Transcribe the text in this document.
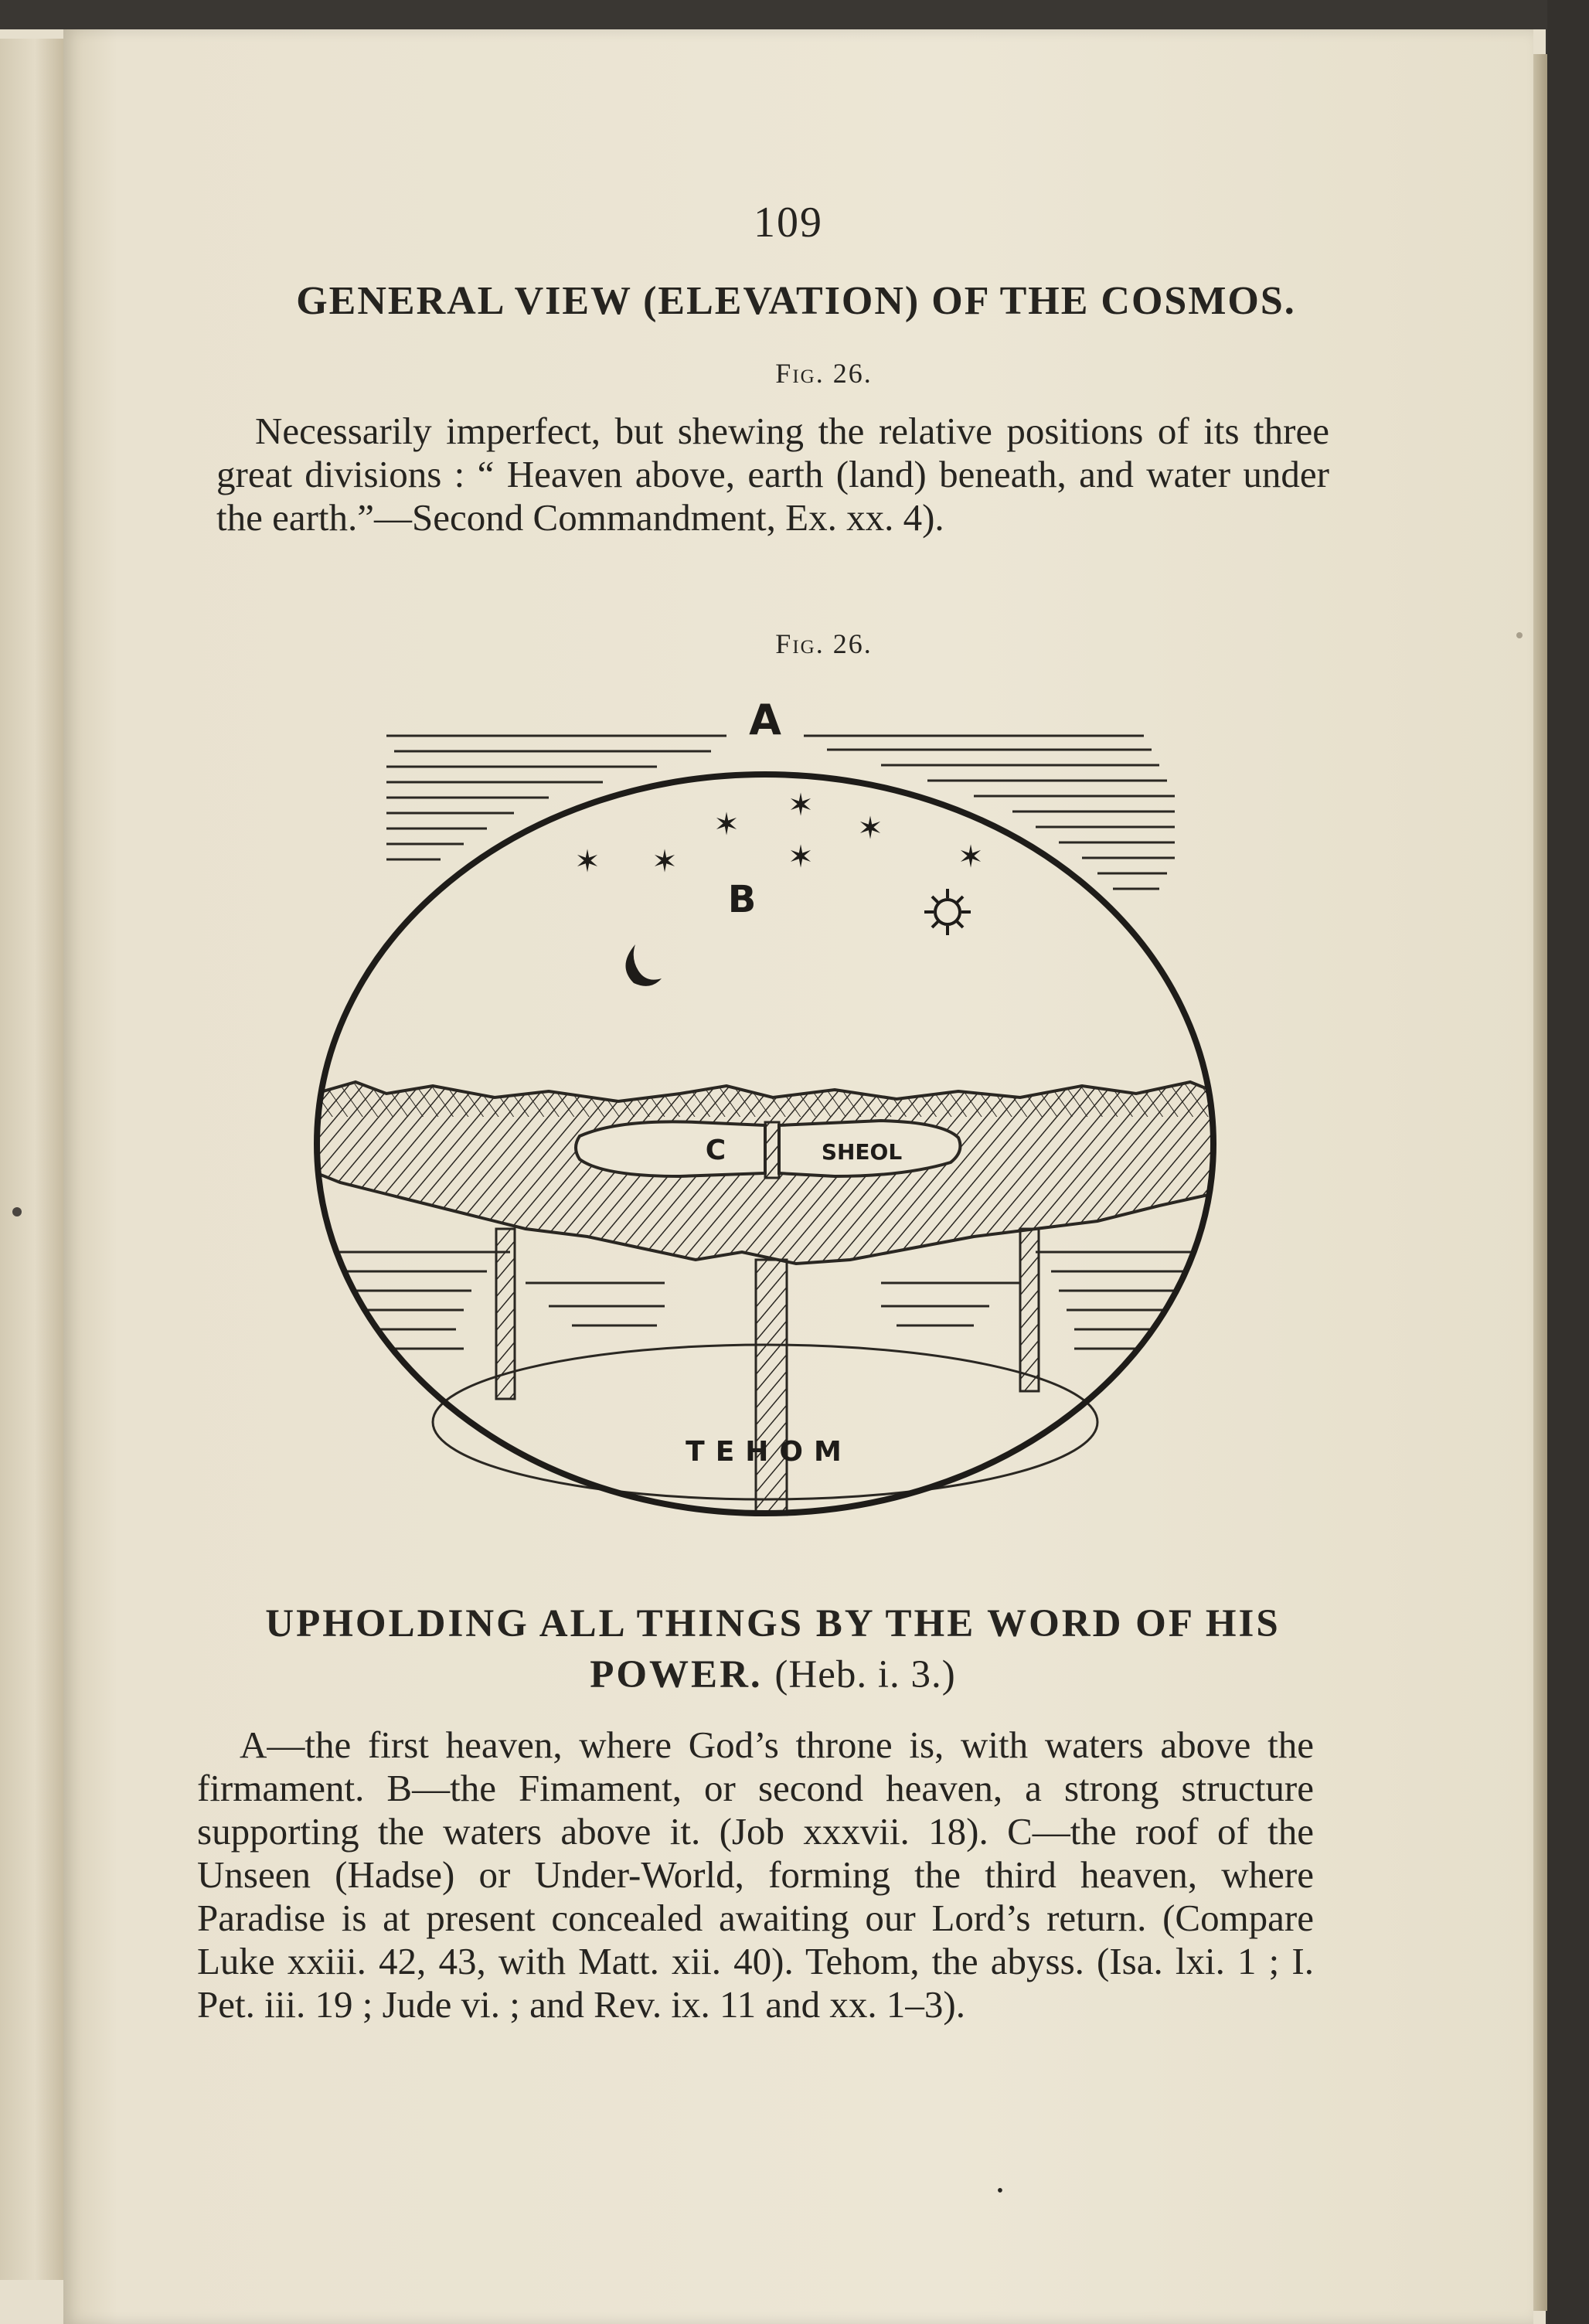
109
GENERAL VIEW (ELEVATION) OF THE COSMOS.
Fig. 26.
Necessarily imperfect, but shewing the relative positions of its three great divisions : “ Heaven above, earth (land) beneath, and water under the earth.”—Second Commandment, Ex. xx. 4).
Fig. 26.
✶
✶
✶
✶	✶
✶ ✶
A
B
C	SHEOL
TEHOM
UPHOLDING ALL THINGS BY THE WORD OF HIS POWER. (Heb. i. 3.)
A—the first heaven, where God’s throne is, with waters above the firmament. B—the Fimament, or second heaven, a strong structure supporting the waters above it. (Job xxxvii. 18). C—the roof of the Unseen (Hadse) or Under-World, forming the third heaven, where Paradise is at present concealed awaiting our Lord’s return. (Compare Luke xxiii. 42, 43, with Matt. xii. 40). Tehom, the abyss. (Isa. lxi. 1 ; I. Pet. iii. 19 ; Jude vi. ; and Rev. ix. 11 and xx. 1–3).
